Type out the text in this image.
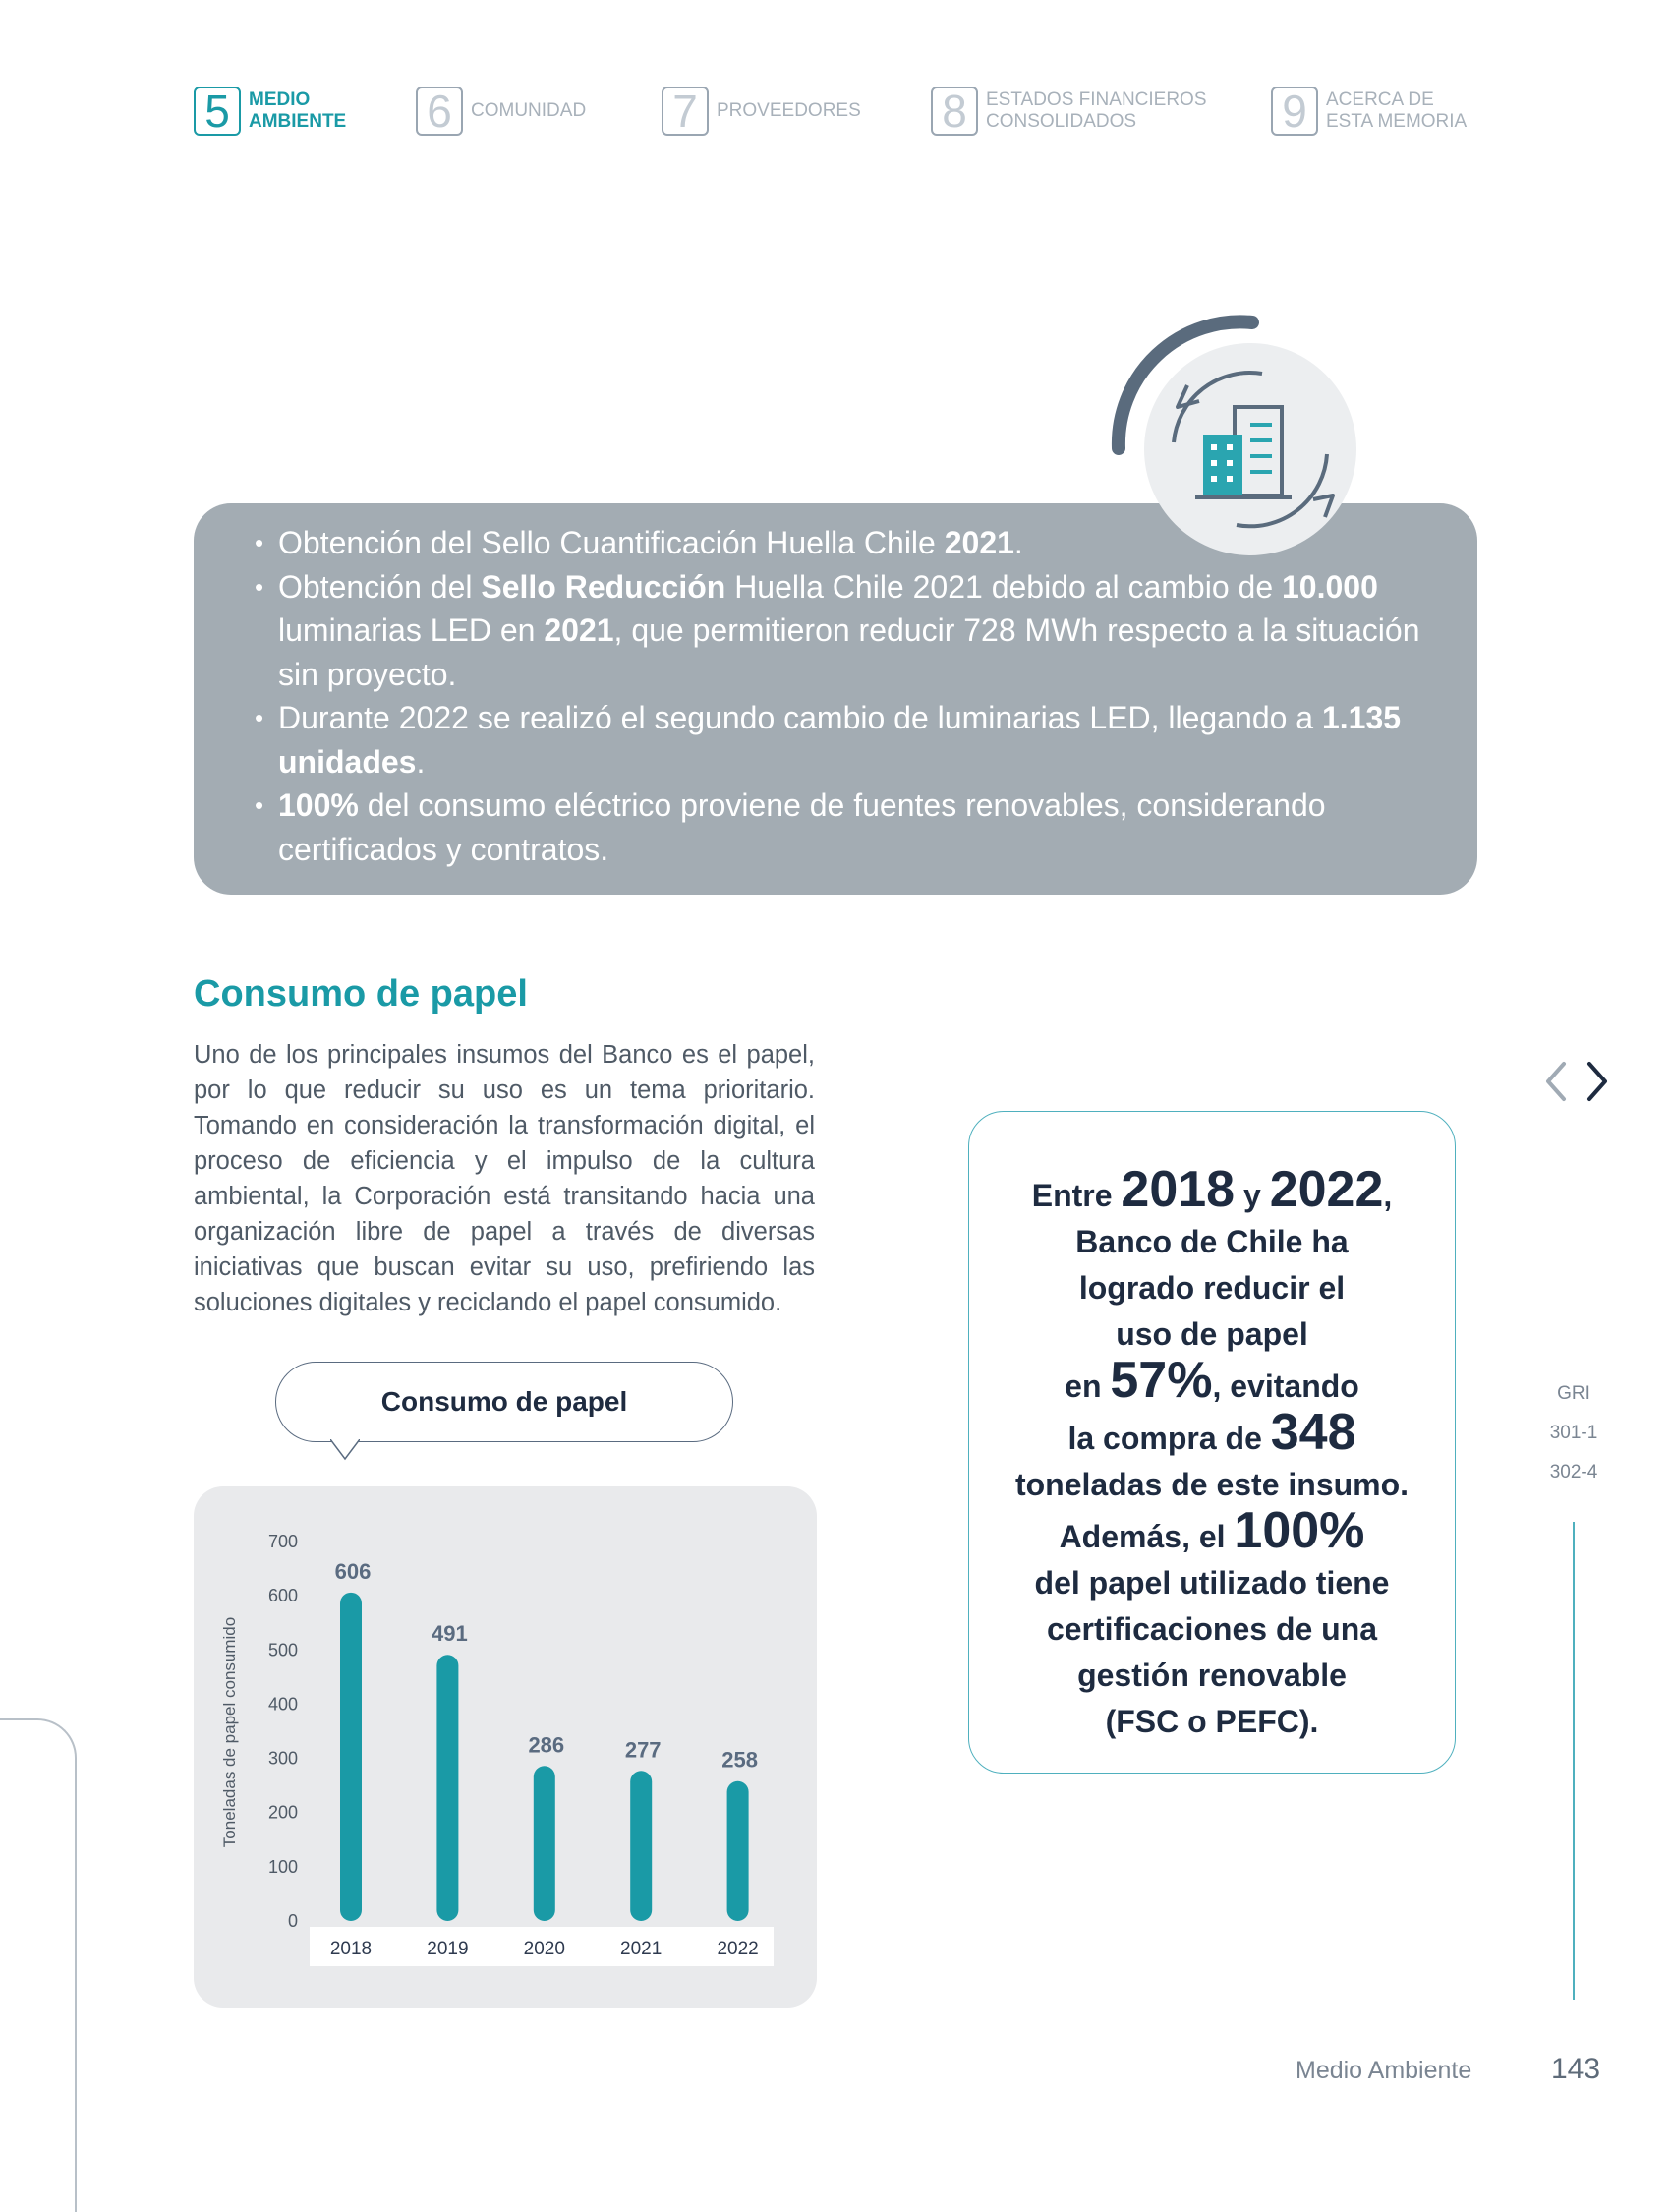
5	MEDIO AMBIENTE 6	COMUNIDAD 7	PROVEEDORES 8	ESTADOS FINANCIEROS CONSOLIDADOS	9	ACERCA DE ESTA MEMORIA
• Obtención del Sello Cuantificación Huella Chile 2021.
• Obtención del Sello Reducción Huella Chile 2021 debido al cambio de 10.000 luminarias LED en 2021, que permitieron reducir 728 MWh respecto a la situación sin proyecto.
• Durante 2022 se realizó el segundo cambio de luminarias LED, llegando a 1.135 unidades.
• 100% del consumo eléctrico proviene de fuentes renovables, considerando certificados y contratos.
Consumo de papel
Uno de los principales insumos del Banco es el papel, por lo que reducir su uso es un tema prioritario. Tomando en consideración la transformación digital, el proceso de eficiencia y el impulso de la cultura ambiental, la Corporación está transitando hacia una organización libre de papel a través de diversas iniciativas que buscan evitar su uso, prefiriendo las soluciones digitales y reciclando el papel consumido.
Consumo de papel
0
100
200
300
400
500
600
700
Toneladas de papel consumido
606
2018
491
2019
286
2020
277
2021
258
2022
Entre 2018 y 2022,
Banco de Chile ha
logrado reducir el
uso de papel
en 57%, evitando
la compra de 348
toneladas de este insumo.
Además, el 100%
del papel utilizado tiene
certificaciones de una
gestión renovable
(FSC o PEFC).
GRI
301-1
302-4
Medio Ambiente	143
